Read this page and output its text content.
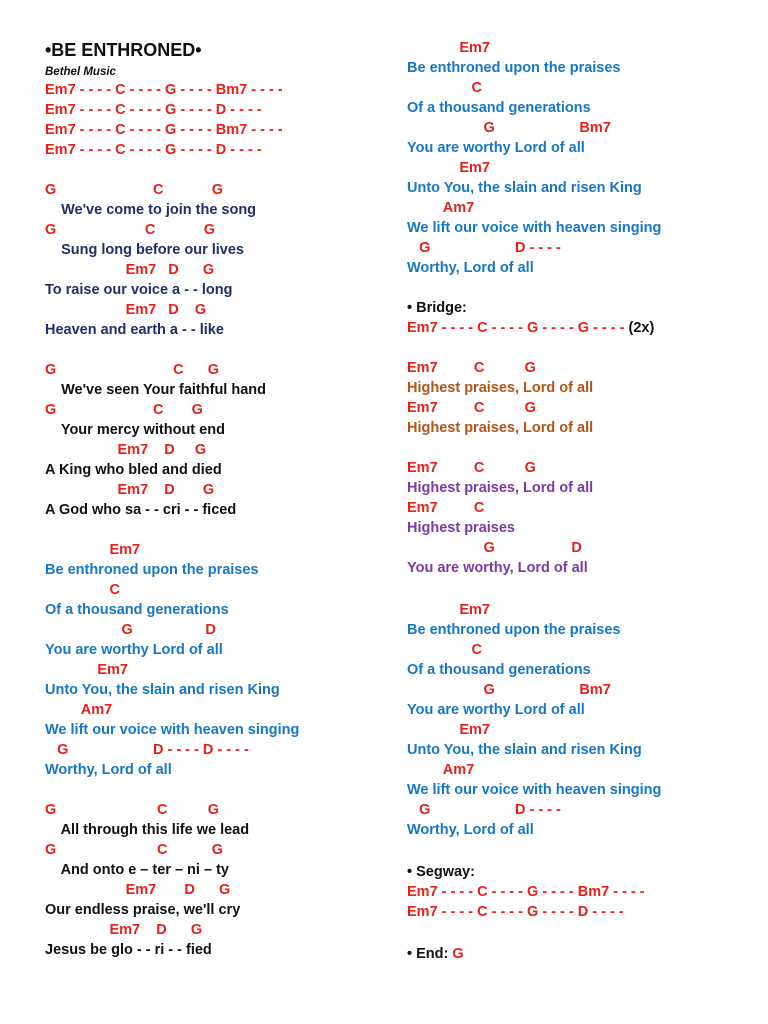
•BE ENTHRONED•
Bethel Music
Em7 - - - - C - - - - G - - - - Bm7 - - - -
Em7 - - - - C - - - - G - - - - D - - - -
Em7 - - - - C - - - - G - - - - Bm7 - - - -
Em7 - - - - C - - - - G - - - - D - - - -
G                        C            G
We've come to join the song
G                      C            G
Sung long before our lives
Em7   D      G
To raise our voice a - - long
Em7   D    G
Heaven and earth a - - like
G                             C      G
We've seen Your faithful hand
G                        C       G
Your mercy without end
Em7    D     G
A King who bled and died
Em7    D       G
A God who sa - - cri - - ficed
Em7
Be enthroned upon the praises
C
Of a thousand generations
G                  D
You are worthy Lord of all
Em7
Unto You, the slain and risen King
Am7
We lift our voice with heaven singing
G                     D - - - - D - - - -
Worthy, Lord of all
G                         C          G
All through this life we lead
G                         C           G
And onto e – ter – ni – ty
Em7       D      G
Our endless praise, we'll cry
Em7    D      G
Jesus be glo - - ri - - fied
Em7
Be enthroned upon the praises
C
Of a thousand generations
G                     Bm7
You are worthy Lord of all
Em7
Unto You, the slain and risen King
Am7
We lift our voice with heaven singing
G                     D - - - -
Worthy, Lord of all
• Bridge:
Em7 - - - - C - - - - G - - - - G - - - - (2x)
Em7         C          G
Highest praises, Lord of all
Em7         C          G
Highest praises, Lord of all
Em7         C          G
Highest praises, Lord of all
Em7         C
Highest praises
G                   D
You are worthy, Lord of all
Em7
Be enthroned upon the praises
C
Of a thousand generations
G                     Bm7
You are worthy Lord of all
Em7
Unto You, the slain and risen King
Am7
We lift our voice with heaven singing
G                     D - - - -
Worthy, Lord of all
• Segway:
Em7 - - - - C - - - - G - - - - Bm7 - - - -
Em7 - - - - C - - - - G - - - - D - - - -
• End: G
